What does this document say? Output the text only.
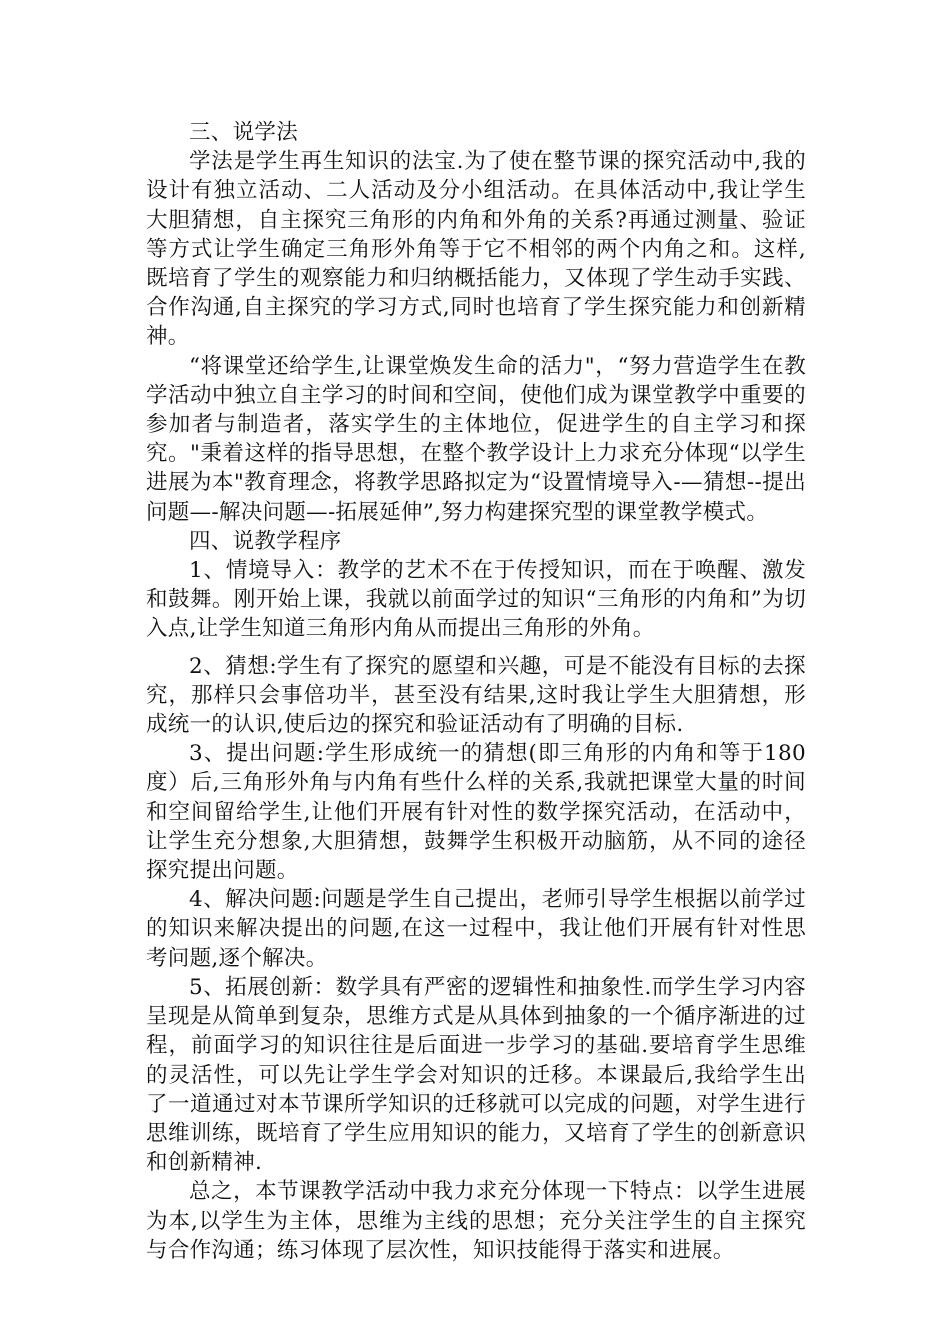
三、说学法

学法是学生再生知识的法宝.为了使在整节课的探究活动中,我的设计有独立活动、二人活动及分小组活动。在具体活动中,我让学生大胆猜想，自主探究三角形的内角和外角的关系?再通过测量、验证等方式让学生确定三角形外角等于它不相邻的两个内角之和。这样,既培育了学生的观察能力和归纳概括能力，又体现了学生动手实践、合作沟通,自主探究的学习方式,同时也培育了学生探究能力和创新精神。

“将课堂还给学生,让课堂焕发生命的活力"，“努力营造学生在教学活动中独立自主学习的时间和空间，使他们成为课堂教学中重要的参加者与制造者，落实学生的主体地位，促进学生的自主学习和探究。"秉着这样的指导思想，在整个教学设计上力求充分体现“以学生进展为本"教育理念，将教学思路拟定为“设置情境导入-—猜想--提出问题—-解决问题—-拓展延伸”,努力构建探究型的课堂教学模式。

四、说教学程序

1、情境导入：教学的艺术不在于传授知识，而在于唤醒、激发和鼓舞。刚开始上课，我就以前面学过的知识“三角形的内角和”为切入点,让学生知道三角形内角从而提出三角形的外角。

2、猜想:学生有了探究的愿望和兴趣，可是不能没有目标的去探究，那样只会事倍功半，甚至没有结果,这时我让学生大胆猜想，形成统一的认识,使后边的探究和验证活动有了明确的目标.

3、提出问题:学生形成统一的猜想(即三角形的内角和等于180度）后,三角形外角与内角有些什么样的关系,我就把课堂大量的时间和空间留给学生,让他们开展有针对性的数学探究活动，在活动中，让学生充分想象,大胆猜想，鼓舞学生积极开动脑筋，从不同的途径探究提出问题。

4、解决问题:问题是学生自己提出，老师引导学生根据以前学过的知识来解决提出的问题,在这一过程中，我让他们开展有针对性思考问题,逐个解决。

5、拓展创新：数学具有严密的逻辑性和抽象性.而学生学习内容呈现是从简单到复杂，思维方式是从具体到抽象的一个循序渐进的过程，前面学习的知识往往是后面进一步学习的基础.要培育学生思维的灵活性，可以先让学生学会对知识的迁移。本课最后,我给学生出了一道通过对本节课所学知识的迁移就可以完成的问题，对学生进行思维训练，既培育了学生应用知识的能力，又培育了学生的创新意识和创新精神.

总之，本节课教学活动中我力求充分体现一下特点：以学生进展为本,以学生为主体，思维为主线的思想；充分关注学生的自主探究与合作沟通；练习体现了层次性，知识技能得于落实和进展。
